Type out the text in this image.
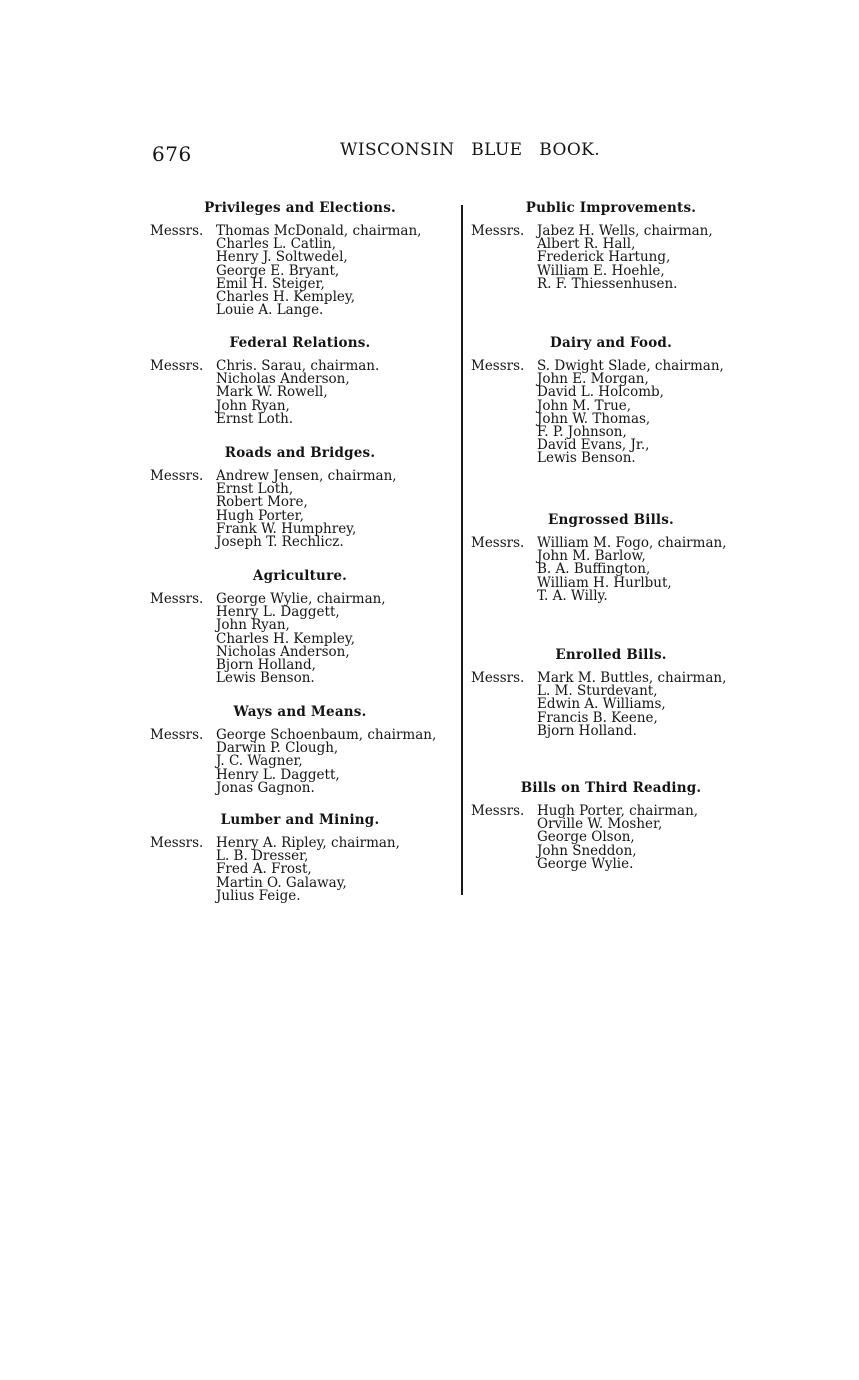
676	WISCONSIN BLUE BOOK.
Privileges and Elections.
Messrs. Thomas McDonald, chairman,
Charles L. Catlin,
Henry J. Soltwedel,
George E. Bryant,
Emil H. Steiger,
Charles H. Kempley,
Louie A. Lange.
Federal Relations.
Messrs. Chris. Sarau, chairman.
Nicholas Anderson,
Mark W. Rowell,
John Ryan,
Ernst Loth.
Roads and Bridges.
Messrs. Andrew Jensen, chairman,
Ernst Loth,
Robert More,
Hugh Porter,
Frank W. Humphrey,
Joseph T. Rechlicz.
Agriculture.
Messrs. George Wylie, chairman,
Henry L. Daggett,
John Ryan,
Charles H. Kempley,
Nicholas Anderson,
Bjorn Holland,
Lewis Benson.
Ways and Means.
Messrs. George Schoenbaum, chairman,
Darwin P. Clough,
J. C. Wagner,
Henry L. Daggett,
Jonas Gagnon.
Lumber and Mining.
Messrs. Henry A. Ripley, chairman,
L. B. Dresser,
Fred A. Frost,
Martin O. Galaway,
Julius Feige.
Public Improvements.
Messrs. Jabez H. Wells, chairman,
Albert R. Hall,
Frederick Hartung,
William E. Hoehle,
R. F. Thiessenhusen.
Dairy and Food.
Messrs. S. Dwight Slade, chairman,
John E. Morgan,
David L. Holcomb,
John M. True,
John W. Thomas,
F. P. Johnson,
David Evans, Jr.,
Lewis Benson.
Engrossed Bills.
Messrs. William M. Fogo, chairman,
John M. Barlow,
B. A. Buffington,
William H. Hurlbut,
T. A. Willy.
Enrolled Bills.
Messrs. Mark M. Buttles, chairman,
L. M. Sturdevant,
Edwin A. Williams,
Francis B. Keene,
Bjorn Holland.
Bills on Third Reading.
Messrs. Hugh Porter, chairman,
Orville W. Mosher,
George Olson,
John Sneddon,
George Wylie.
